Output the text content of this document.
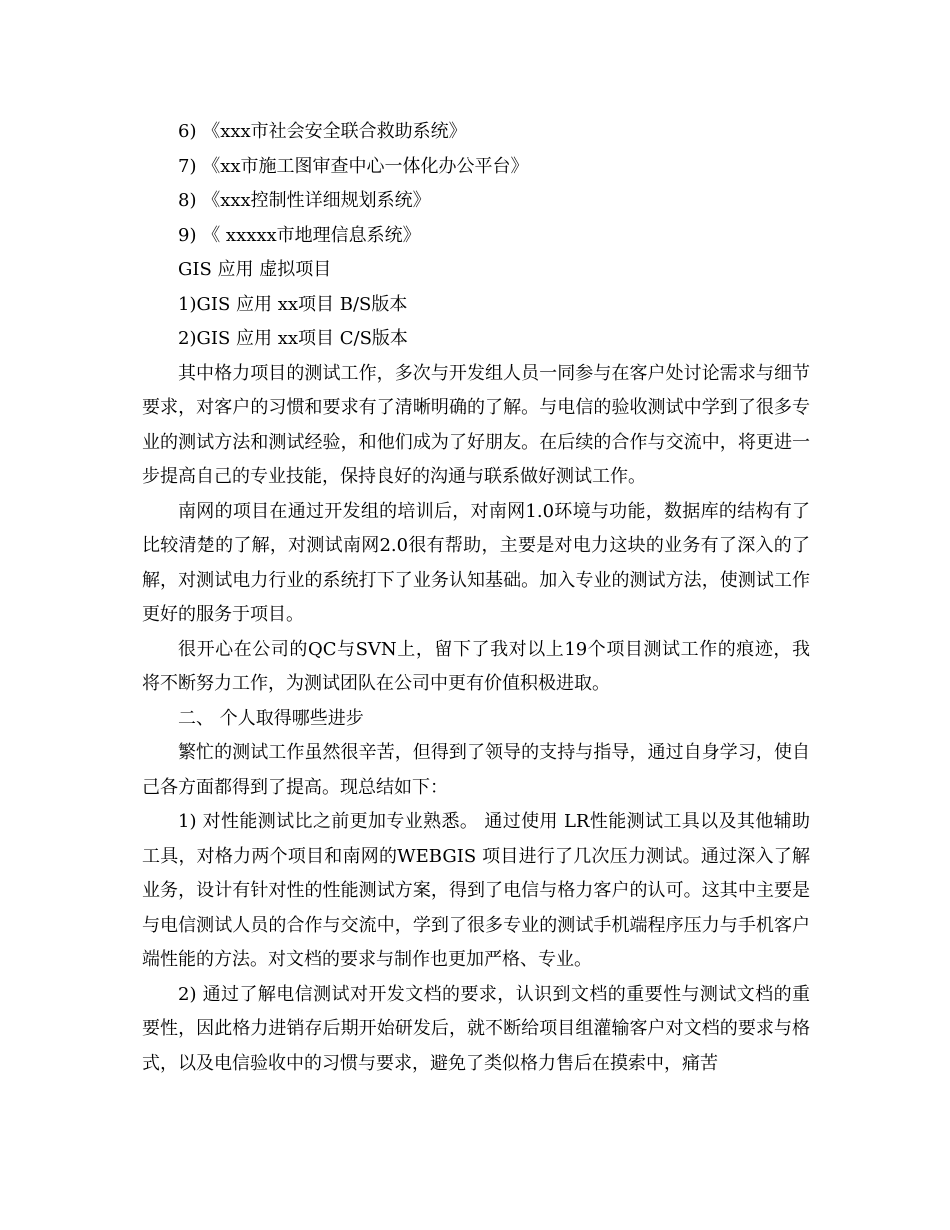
6) 《xxx市社会安全联合救助系统》

7) 《xx市施工图审查中心一体化办公平台》

8) 《xxx控制性详细规划系统》

9) 《 xxxxx市地理信息系统》

GIS 应用 虚拟项目

1)GIS 应用 xx项目 B/S版本

2)GIS 应用 xx项目 C/S版本

其中格力项目的测试工作，多次与开发组人员一同参与在客户处讨论需求与细节要求，对客户的习惯和要求有了清晰明确的了解。与电信的验收测试中学到了很多专业的测试方法和测试经验，和他们成为了好朋友。在后续的合作与交流中，将更进一步提高自己的专业技能，保持良好的沟通与联系做好测试工作。

南网的项目在通过开发组的培训后，对南网1.0环境与功能，数据库的结构有了比较清楚的了解，对测试南网2.0很有帮助，主要是对电力这块的业务有了深入的了解，对测试电力行业的系统打下了业务认知基础。加入专业的测试方法，使测试工作更好的服务于项目。

很开心在公司的QC与SVN上，留下了我对以上19个项目测试工作的痕迹，我将不断努力工作，为测试团队在公司中更有价值积极进取。

二、 个人取得哪些进步

繁忙的测试工作虽然很辛苦，但得到了领导的支持与指导，通过自身学习，使自己各方面都得到了提高。现总结如下：

1) 对性能测试比之前更加专业熟悉。 通过使用 LR性能测试工具以及其他辅助工具，对格力两个项目和南网的WEBGIS 项目进行了几次压力测试。通过深入了解业务，设计有针对性的性能测试方案，得到了电信与格力客户的认可。这其中主要是与电信测试人员的合作与交流中，学到了很多专业的测试手机端程序压力与手机客户端性能的方法。对文档的要求与制作也更加严格、专业。

2) 通过了解电信测试对开发文档的要求，认识到文档的重要性与测试文档的重要性，因此格力进销存后期开始研发后，就不断给项目组灌输客户对文档的要求与格式，以及电信验收中的习惯与要求，避免了类似格力售后在摸索中，痛苦
